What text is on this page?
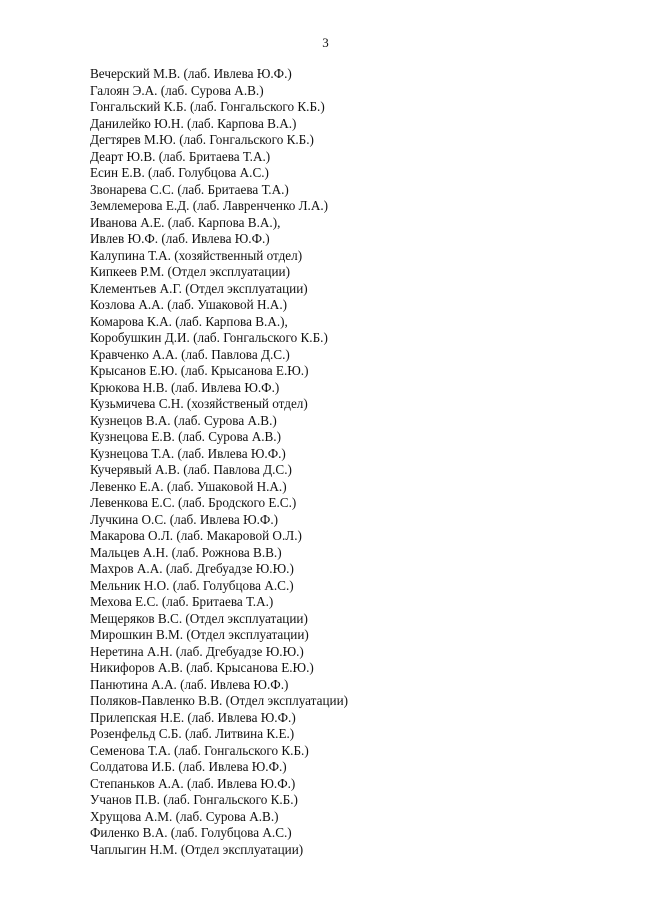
3
Вечерский М.В. (лаб. Ивлева Ю.Ф.)
Галоян Э.А. (лаб. Сурова А.В.)
Гонгальский К.Б. (лаб. Гонгальского К.Б.)
Данилейко Ю.Н. (лаб. Карпова В.А.)
Дегтярев М.Ю. (лаб. Гонгальского К.Б.)
Деарт Ю.В. (лаб. Бритаева Т.А.)
Есин Е.В. (лаб. Голубцова А.С.)
Звонарева С.С. (лаб. Бритаева Т.А.)
Землемерова Е.Д. (лаб. Лавренченко Л.А.)
Иванова А.Е. (лаб. Карпова В.А.),
Ивлев Ю.Ф. (лаб. Ивлева Ю.Ф.)
Калупина Т.А. (хозяйственный отдел)
Кипкеев Р.М. (Отдел эксплуатации)
Клементьев А.Г. (Отдел эксплуатации)
Козлова А.А. (лаб. Ушаковой Н.А.)
Комарова К.А. (лаб. Карпова В.А.),
Коробушкин Д.И. (лаб. Гонгальского К.Б.)
Кравченко А.А. (лаб. Павлова Д.С.)
Крысанов Е.Ю. (лаб. Крысанова Е.Ю.)
Крюкова Н.В. (лаб. Ивлева Ю.Ф.)
Кузьмичева С.Н. (хозяйственый отдел)
Кузнецов В.А. (лаб. Сурова А.В.)
Кузнецова Е.В. (лаб. Сурова А.В.)
Кузнецова Т.А. (лаб. Ивлева Ю.Ф.)
Кучерявый А.В. (лаб. Павлова Д.С.)
Левенко Е.А. (лаб. Ушаковой Н.А.)
Левенкова Е.С. (лаб. Бродского Е.С.)
Лучкина О.С. (лаб. Ивлева Ю.Ф.)
Макарова О.Л. (лаб. Макаровой О.Л.)
Мальцев А.Н. (лаб. Рожнова В.В.)
Махров А.А. (лаб. Дгебуадзе Ю.Ю.)
Мельник Н.О. (лаб. Голубцова А.С.)
Мехова Е.С. (лаб. Бритаева Т.А.)
Мещеряков В.С. (Отдел эксплуатации)
Мирошкин В.М. (Отдел эксплуатации)
Неретина А.Н. (лаб. Дгебуадзе Ю.Ю.)
Никифоров А.В. (лаб. Крысанова Е.Ю.)
Панютина А.А. (лаб. Ивлева Ю.Ф.)
Поляков-Павленко В.В. (Отдел эксплуатации)
Прилепская Н.Е. (лаб. Ивлева Ю.Ф.)
Розенфельд С.Б. (лаб. Литвина К.Е.)
Семенова Т.А. (лаб. Гонгальского К.Б.)
Солдатова И.Б. (лаб. Ивлева Ю.Ф.)
Степаньков А.А. (лаб. Ивлева Ю.Ф.)
Учанов П.В. (лаб. Гонгальского К.Б.)
Хрущова А.М. (лаб. Сурова А.В.)
Филенко В.А. (лаб. Голубцова А.С.)
Чаплыгин Н.М. (Отдел эксплуатации)
